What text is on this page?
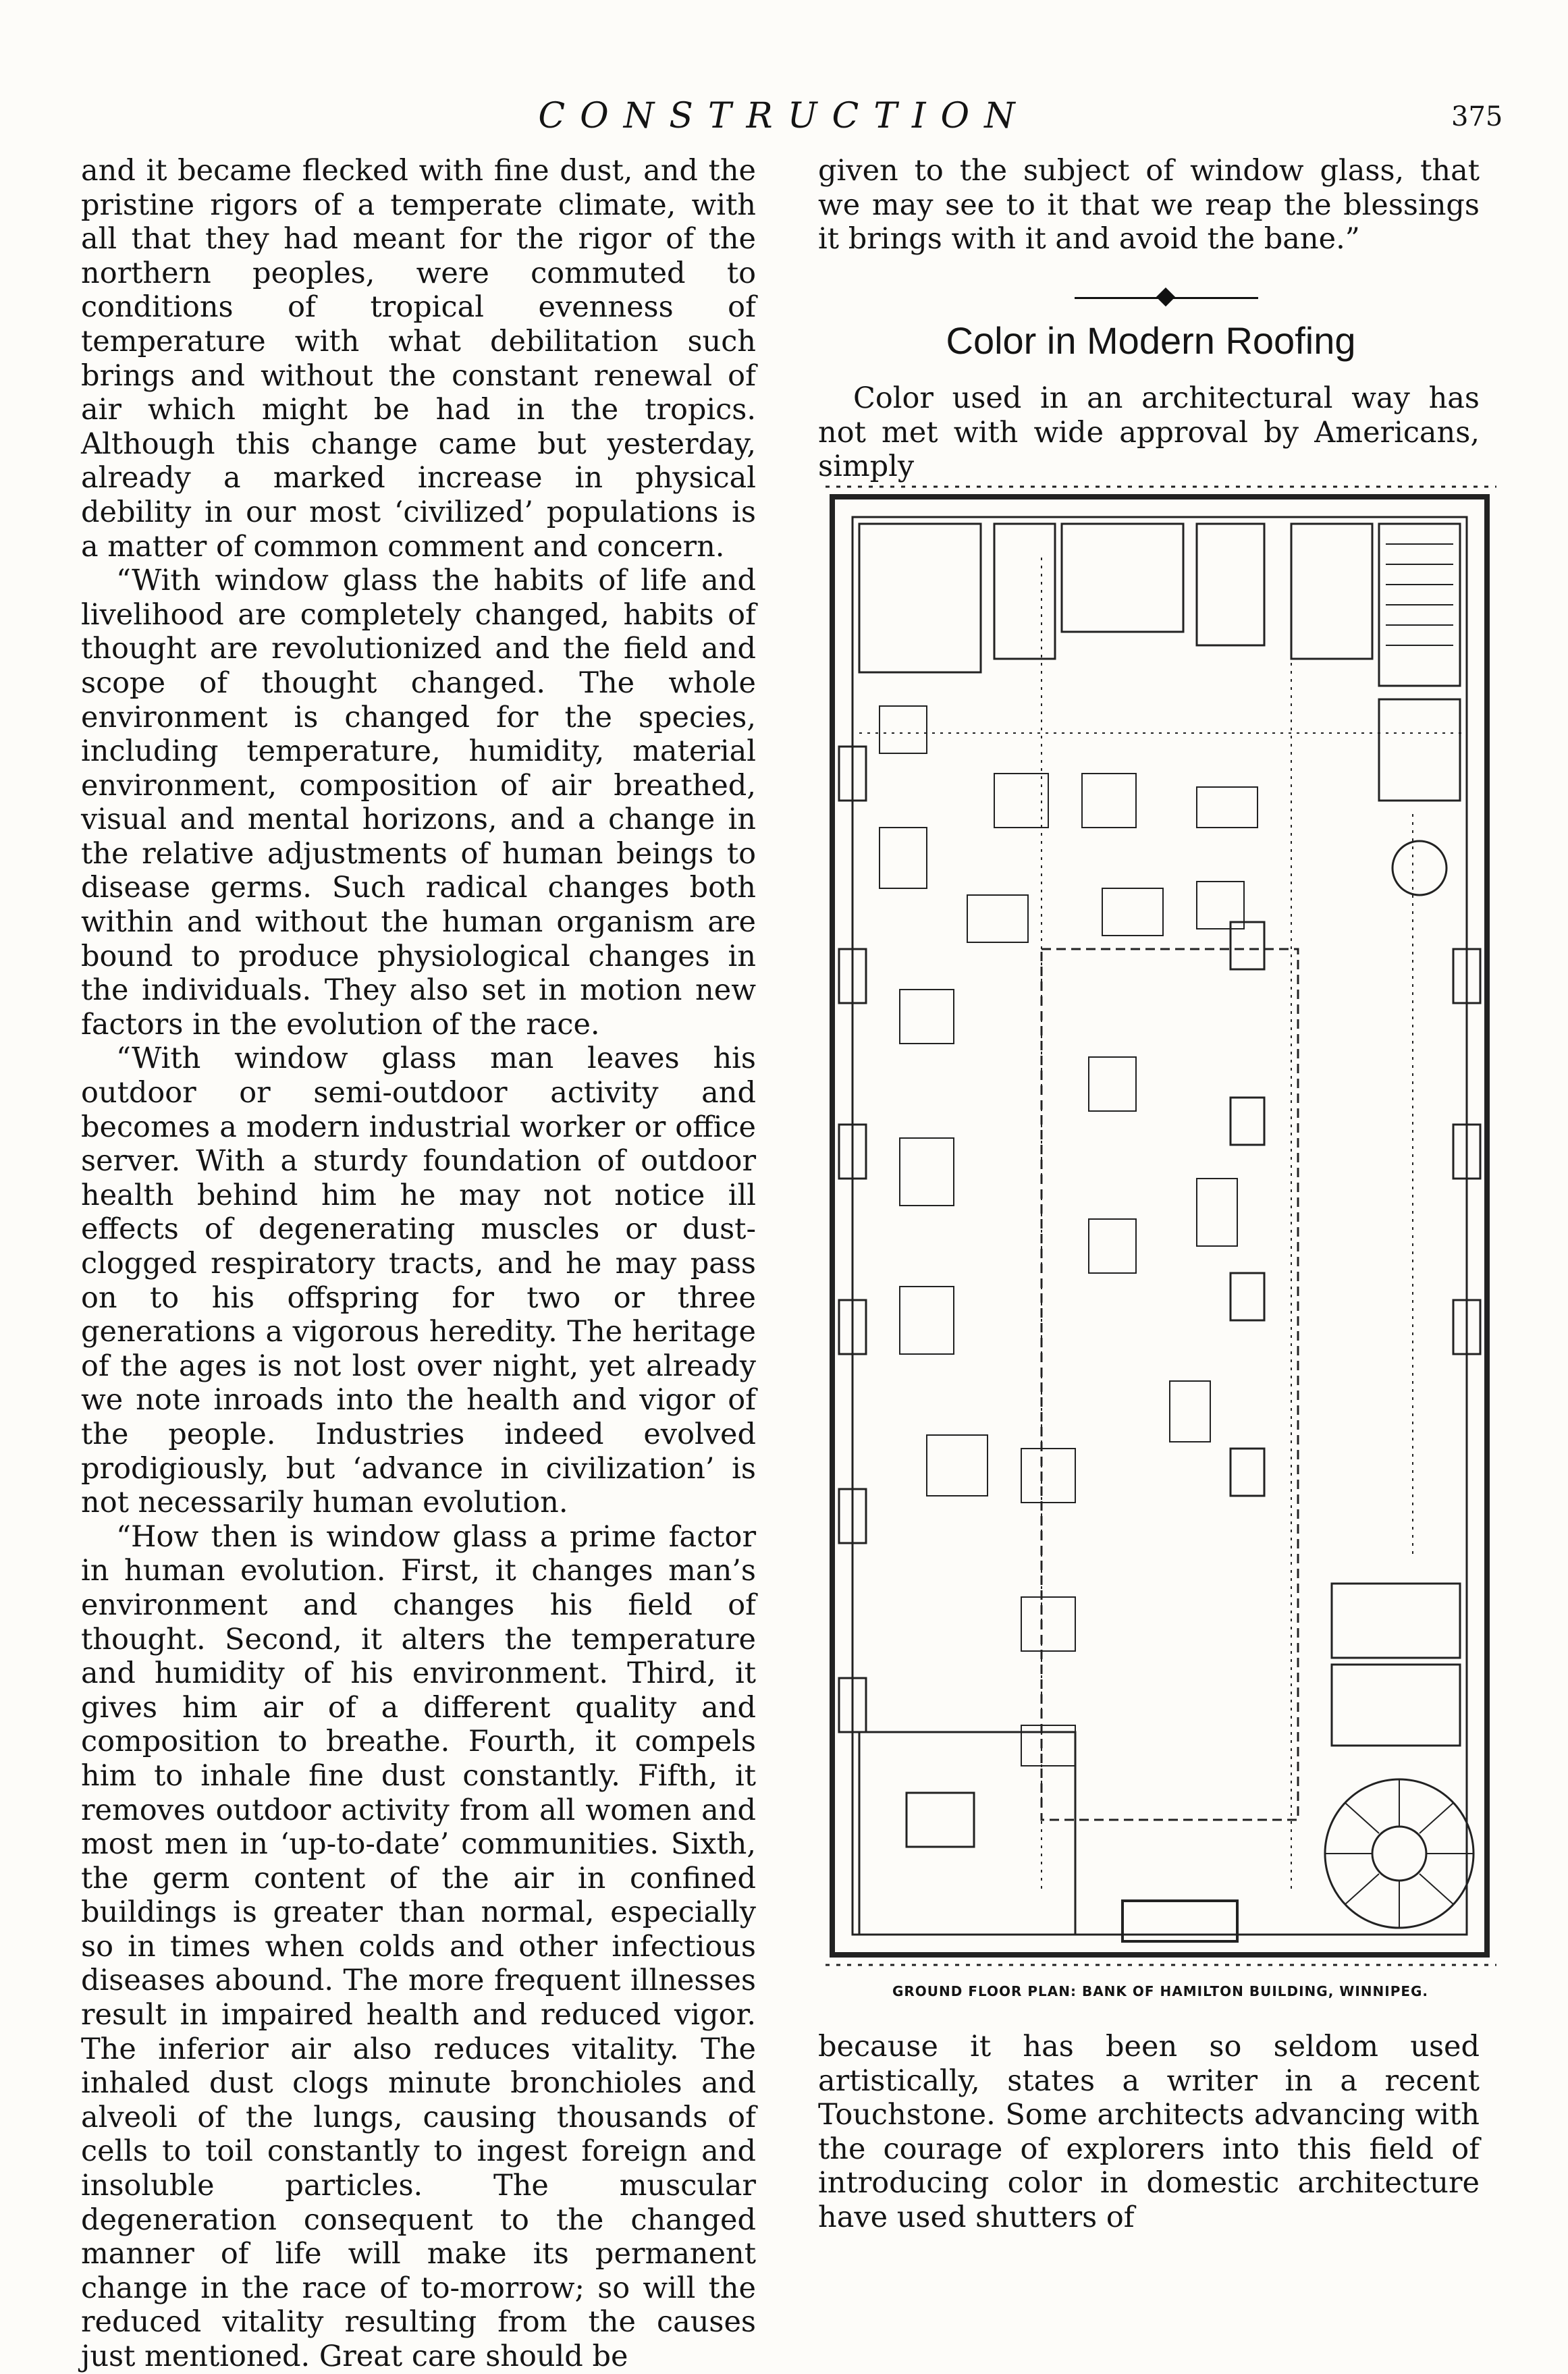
CONSTRUCTION	375

and it became flecked with fine dust, and the pristine rigors of a temperate climate, with all that they had meant for the rigor of the northern peoples, were commuted to conditions of tropical evenness of temperature with what debilitation such brings and without the constant renewal of air which might be had in the tropics. Although this change came but yesterday, already a marked increase in physical debility in our most ‘civilized’ populations is a matter of common comment and concern.

“With window glass the habits of life and livelihood are completely changed, habits of thought are revolutionized and the field and scope of thought changed. The whole environment is changed for the species, including temperature, humidity, material environment, composition of air breathed, visual and mental horizons, and a change in the relative adjustments of human beings to disease germs. Such radical changes both within and without the human organism are bound to produce physiological changes in the individuals. They also set in motion new factors in the evolution of the race.

“With window glass man leaves his outdoor or semi-outdoor activity and becomes a modern industrial worker or office server. With a sturdy foundation of outdoor health behind him he may not notice ill effects of degenerating muscles or dust-clogged respiratory tracts, and he may pass on to his offspring for two or three generations a vigorous heredity. The heritage of the ages is not lost over night, yet already we note inroads into the health and vigor of the people. Industries indeed evolved prodigiously, but ‘advance in civilization’ is not necessarily human evolution.

“How then is window glass a prime factor in human evolution. First, it changes man’s environment and changes his field of thought. Second, it alters the temperature and humidity of his environment. Third, it gives him air of a different quality and composition to breathe. Fourth, it compels him to inhale fine dust constantly. Fifth, it removes outdoor activity from all women and most men in ‘up-to-date’ communities. Sixth, the germ content of the air in confined buildings is greater than normal, especially so in times when colds and other infectious diseases abound. The more frequent illnesses result in impaired health and reduced vigor. The inferior air also reduces vitality. The inhaled dust clogs minute bronchioles and alveoli of the lungs, causing thousands of cells to toil constantly to ingest foreign and insoluble particles. The muscular degeneration consequent to the changed manner of life will make its permanent change in the race of to-morrow; so will the reduced vitality resulting from the causes just mentioned. Great care should be

given to the subject of window glass, that we may see to it that we reap the blessings it brings with it and avoid the bane.”

Color in Modern Roofing

Color used in an architectural way has not met with wide approval by Americans, simply

GROUND FLOOR PLAN: BANK OF HAMILTON BUILDING, WINNIPEG.

because it has been so seldom used artistically, states a writer in a recent Touchstone. Some architects advancing with the courage of explorers into this field of introducing color in domestic architecture have used shutters of
